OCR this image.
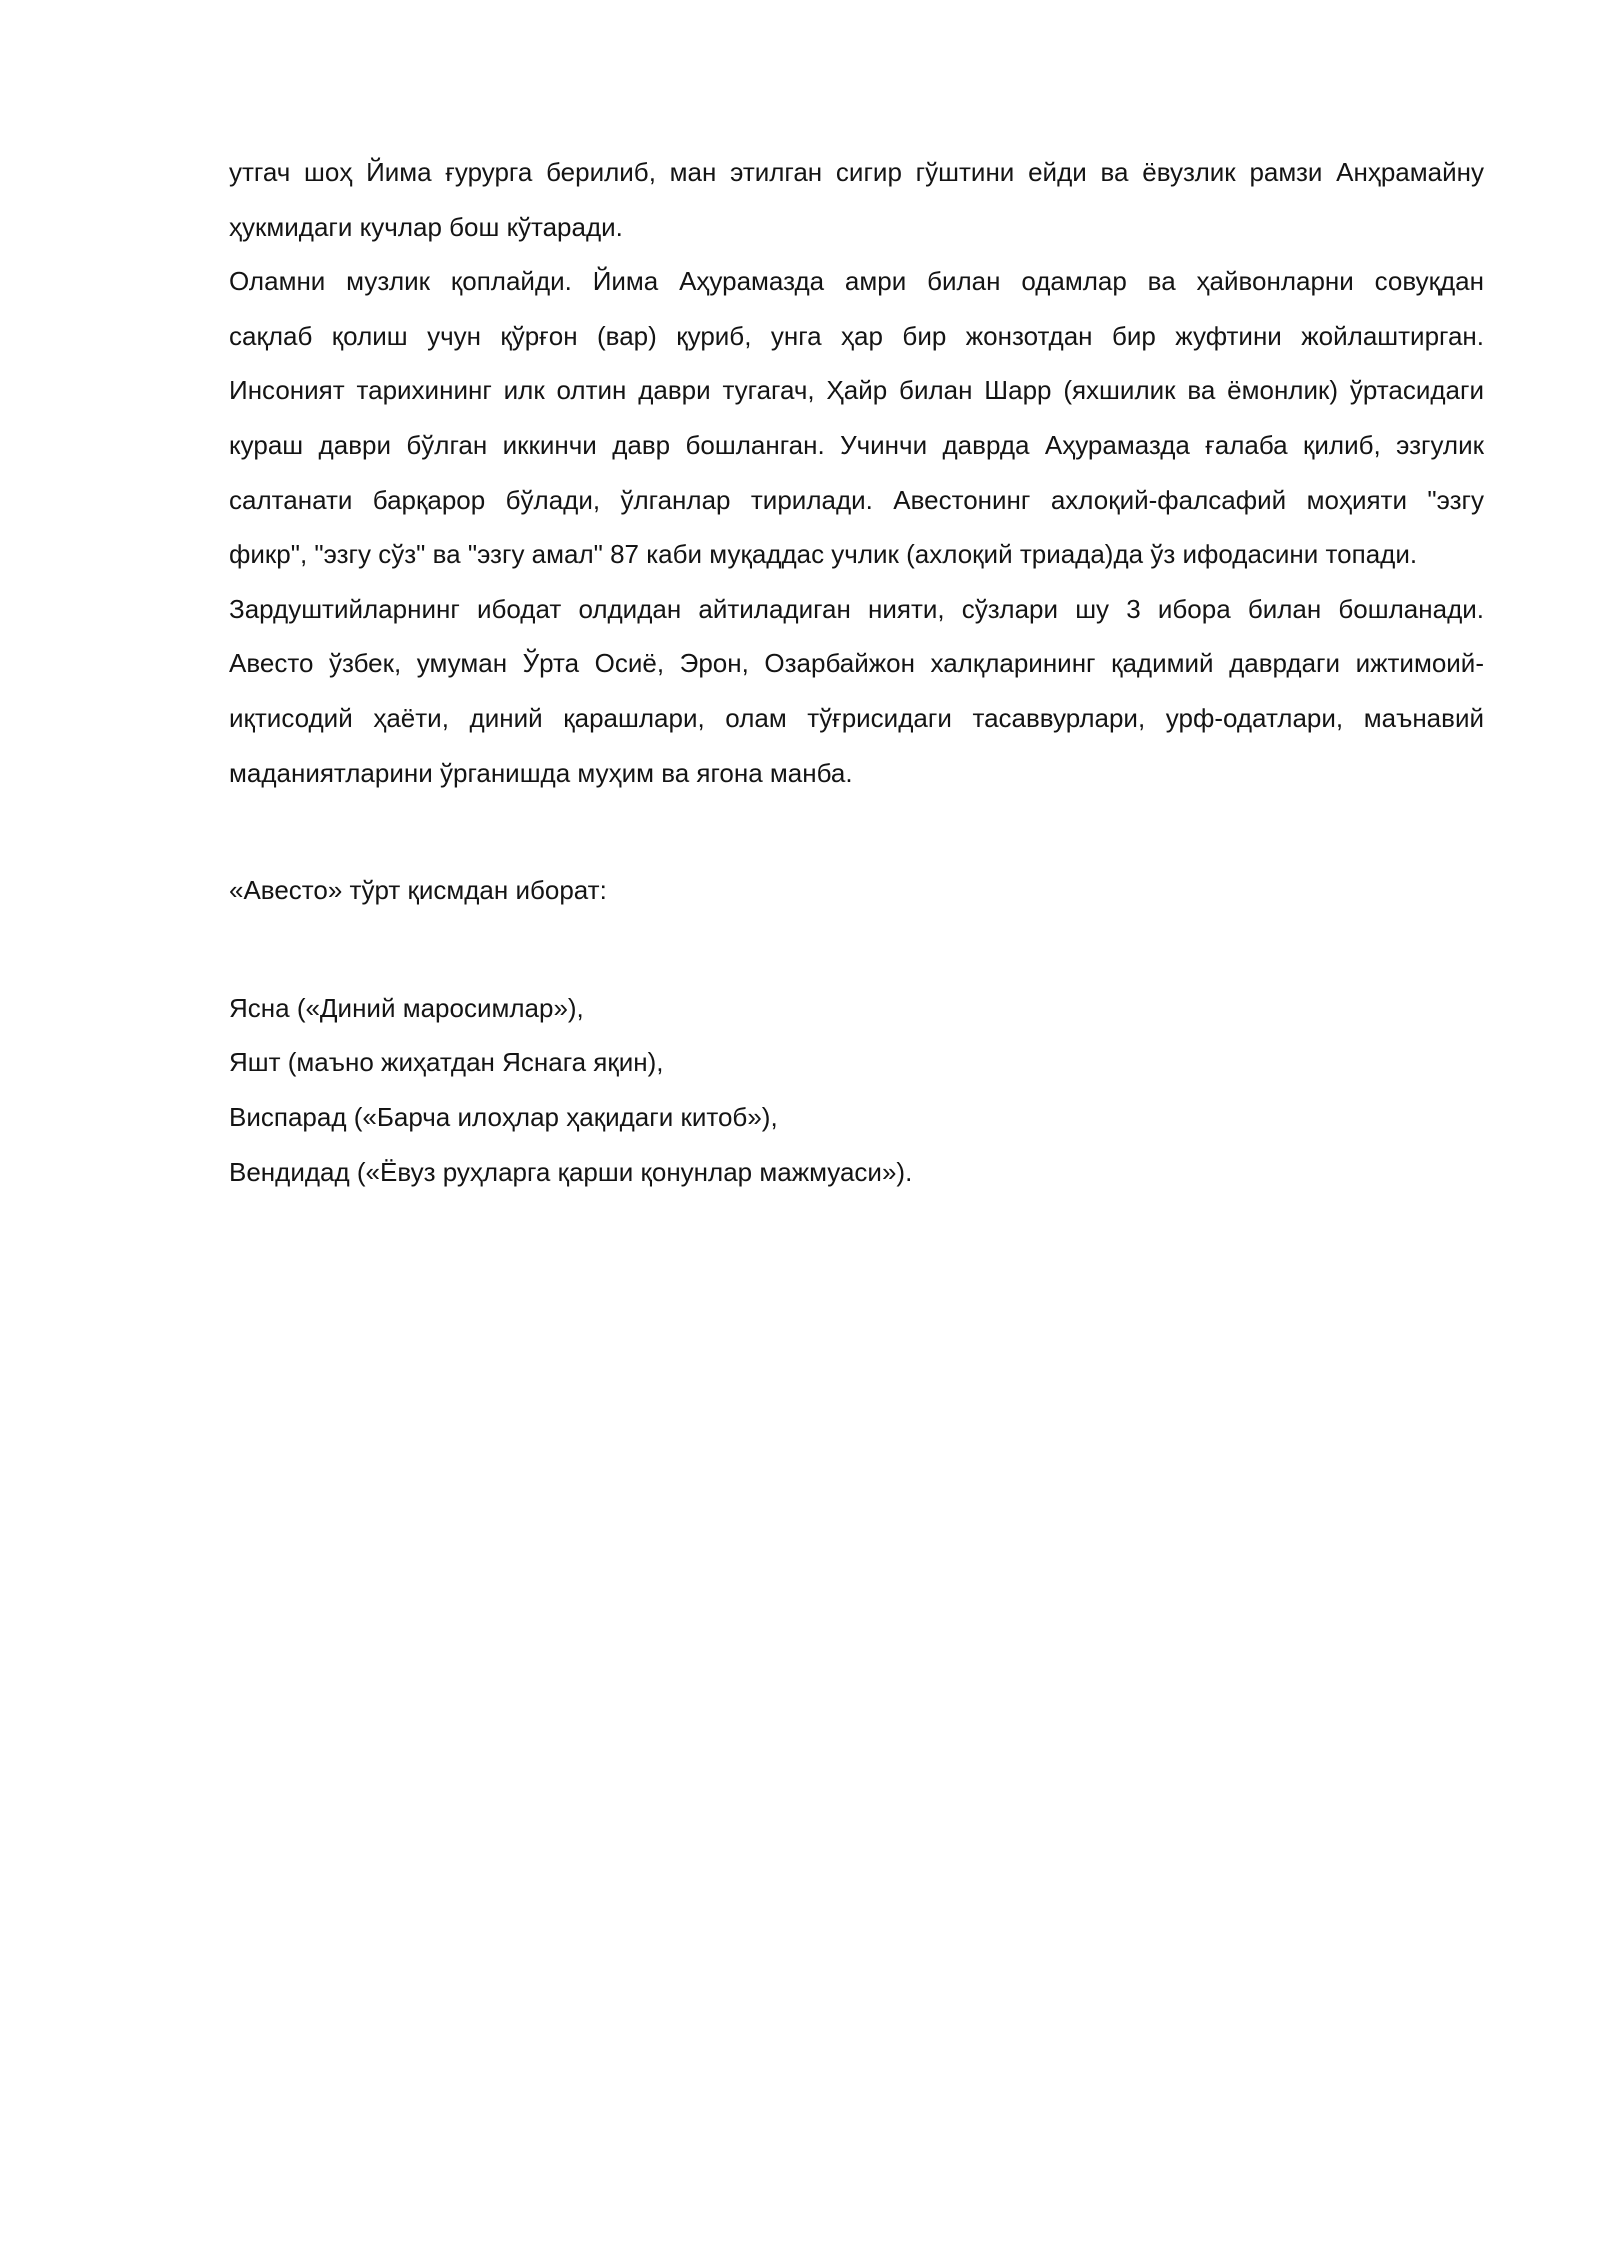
утгач шоҳ Йима ғурурга берилиб, ман этилган сигир гўштини ейди ва ёвузлик рамзи Анҳрамайну
ҳукмидаги кучлар бош кўтаради.
Оламни музлик қоплайди. Йима Аҳурамазда амри билан одамлар ва ҳайвонларни совуқдан
сақлаб қолиш учун қўрғон (вар) қуриб, унга ҳар бир жонзотдан бир жуфтини жойлаштирган.
Инсоният тарихининг илк олтин даври тугагач, Ҳайр билан Шарр (яхшилик ва ёмонлик) ўртасидаги
кураш даври бўлган иккинчи давр бошланган. Учинчи даврда Аҳурамазда ғалаба қилиб, эзгулик
салтанати барқарор бўлади, ўлганлар тирилади. Авестонинг ахлоқий-фалсафий моҳияти "эзгу
фикр", "эзгу сўз" ва "эзгу амал" 87 каби муқаддас учлик (ахлоқий триада)да ўз ифодасини топади.
Зардуштийларнинг ибодат олдидан айтиладиган нияти, сўзлари шу 3 ибора билан бошланади.
Авесто ўзбек, умуман Ўрта Осиё, Эрон, Озарбайжон халқларининг қадимий даврдаги ижтимоий-
иқтисодий ҳаёти, диний қарашлари, олам тўғрисидаги тасаввурлари, урф-одатлари, маънавий
маданиятларини ўрганишда муҳим ва ягона манба.

«Авесто» тўрт қисмдан иборат:

Ясна («Диний маросимлар»),

Яшт (маъно жиҳатдан Яснага яқин),

Виспарад («Барча илоҳлар ҳақидаги китоб»),

Вендидад («Ёвуз руҳларга қарши қонунлар мажмуаси»).
